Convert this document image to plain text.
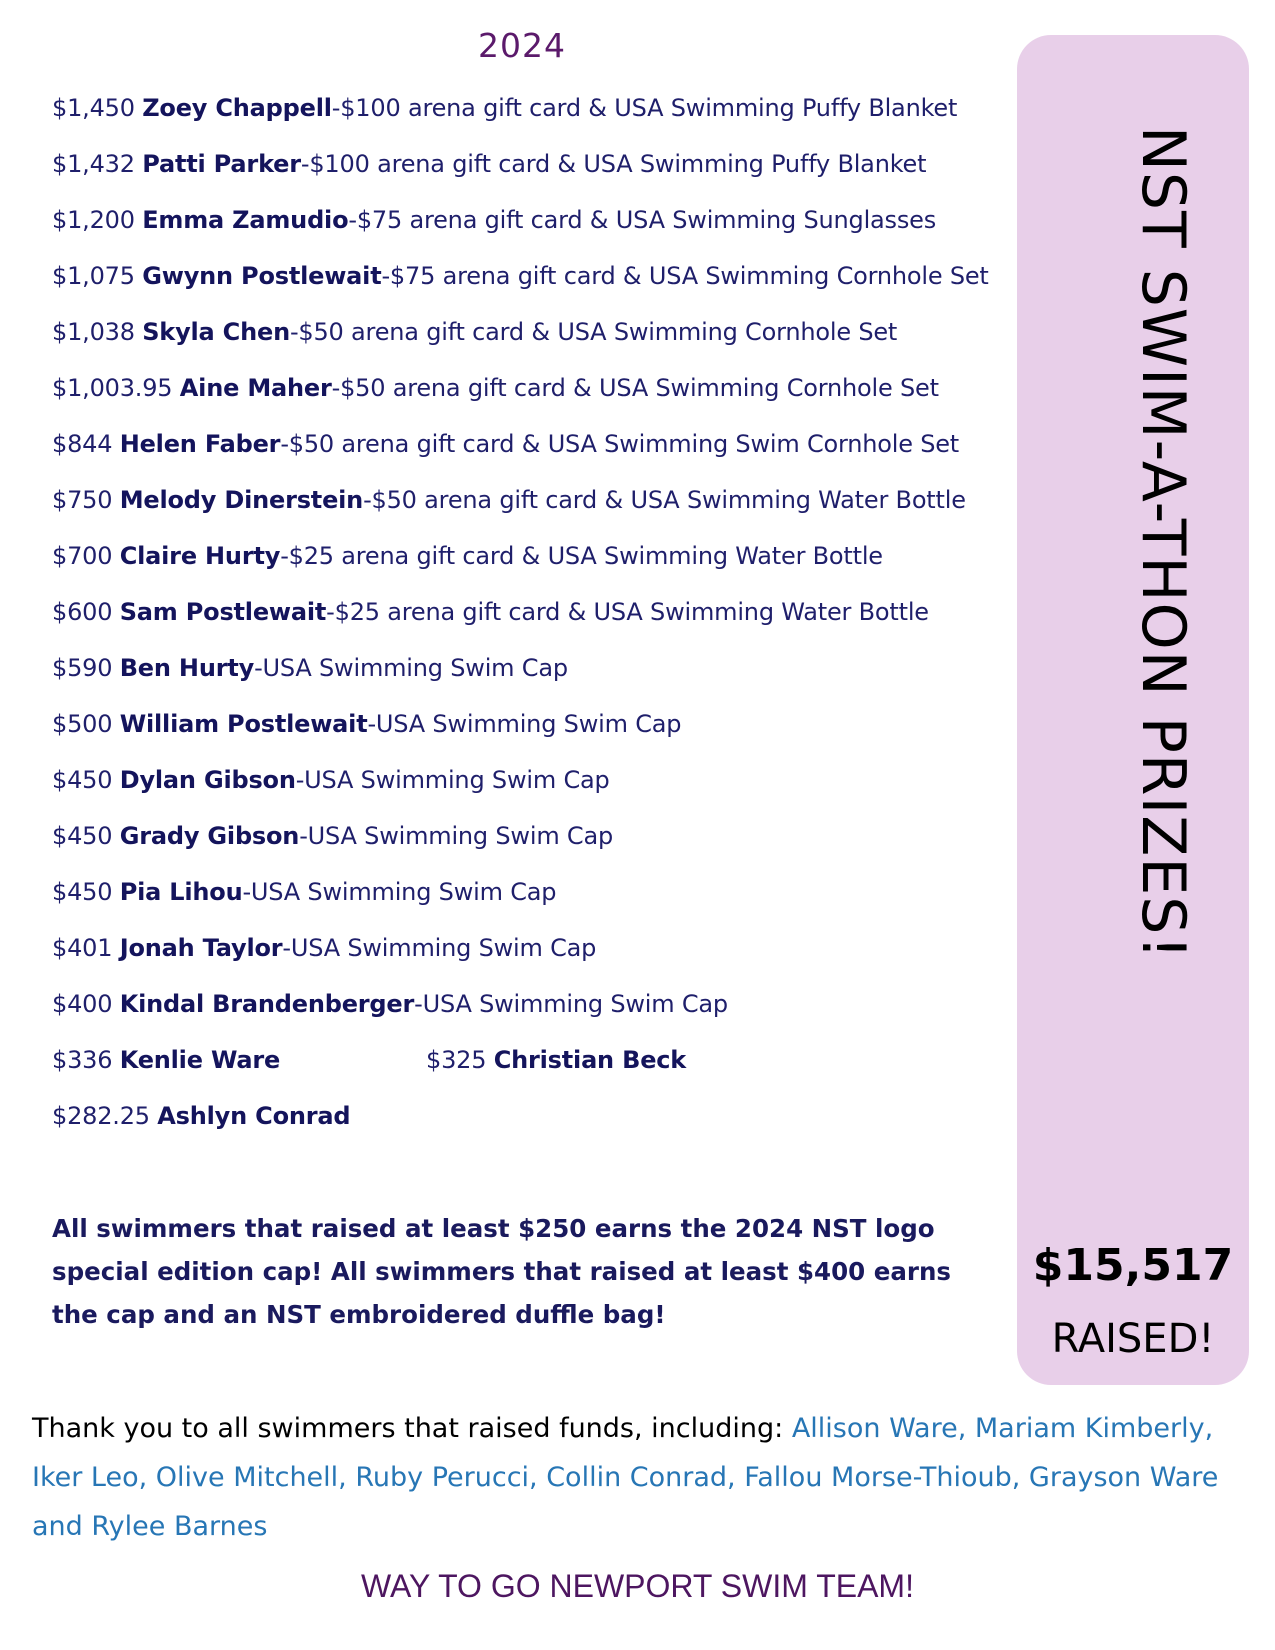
2024
$1,450 Zoey Chappell-$100 arena gift card & USA Swimming Puffy Blanket
$1,432 Patti Parker-$100 arena gift card & USA Swimming Puffy Blanket
$1,200 Emma Zamudio-$75 arena gift card & USA Swimming Sunglasses
$1,075 Gwynn Postlewait-$75 arena gift card & USA Swimming Cornhole Set
$1,038 Skyla Chen-$50 arena gift card & USA Swimming Cornhole Set
$1,003.95 Aine Maher-$50 arena gift card & USA Swimming Cornhole Set
$844 Helen Faber-$50 arena gift card & USA Swimming Swim Cornhole Set
$750 Melody Dinerstein-$50 arena gift card & USA Swimming Water Bottle
$700 Claire Hurty-$25 arena gift card & USA Swimming Water Bottle
$600 Sam Postlewait-$25 arena gift card & USA Swimming Water Bottle
$590 Ben Hurty-USA Swimming Swim Cap
$500 William Postlewait-USA Swimming Swim Cap
$450 Dylan Gibson-USA Swimming Swim Cap
$450 Grady Gibson-USA Swimming Swim Cap
$450 Pia Lihou-USA Swimming Swim Cap
$401 Jonah Taylor-USA Swimming Swim Cap
$400 Kindal Brandenberger-USA Swimming Swim Cap
$336 Kenlie Ware	$325 Christian Beck
$282.25 Ashlyn Conrad
All swimmers that raised at least $250 earns the 2024 NST logo special edition cap! All swimmers that raised at least $400 earns the cap and an NST embroidered duffle bag!
NST SWIM-A-THON PRIZES!
$15,517
RAISED!
Thank you to all swimmers that raised funds, including: Allison Ware, Mariam Kimberly, Iker Leo, Olive Mitchell, Ruby Perucci, Collin Conrad, Fallou Morse-Thioub, Grayson Ware and Rylee Barnes
WAY TO GO NEWPORT SWIM TEAM!
